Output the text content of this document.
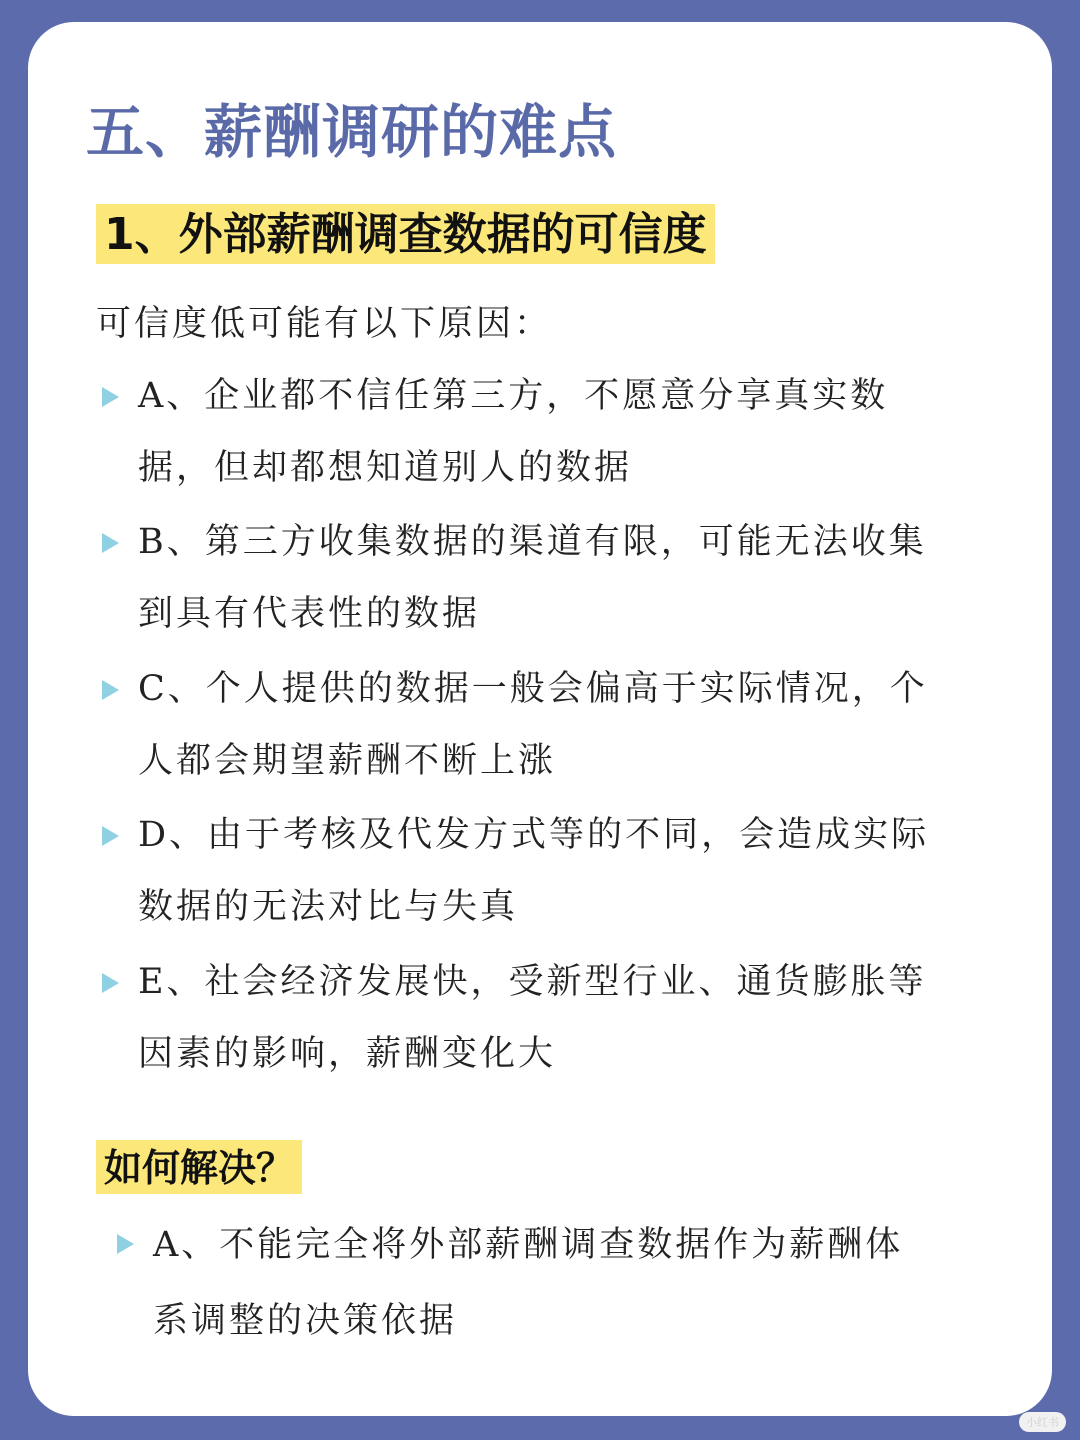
五、薪酬调研的难点
1、外部薪酬调查数据的可信度
可信度低可能有以下原因：
A、企业都不信任第三方，不愿意分享真实数
据，但却都想知道别人的数据
B、第三方收集数据的渠道有限，可能无法收集
到具有代表性的数据
C、个人提供的数据一般会偏高于实际情况，个
人都会期望薪酬不断上涨
D、由于考核及代发方式等的不同，会造成实际
数据的无法对比与失真
E、社会经济发展快，受新型行业、通货膨胀等
因素的影响，薪酬变化大
如何解决？
A、不能完全将外部薪酬调查数据作为薪酬体
系调整的决策依据
小红书
